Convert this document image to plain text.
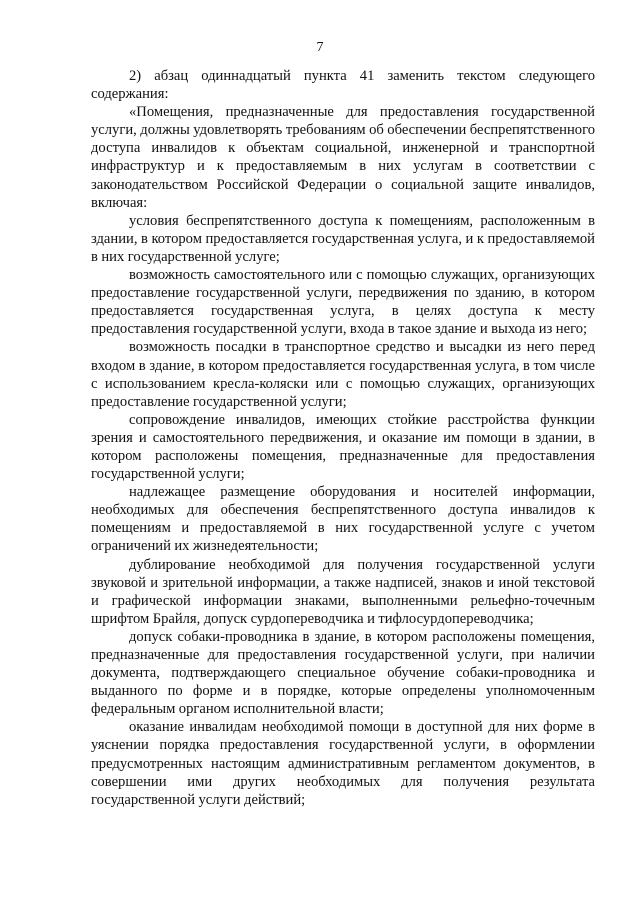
7

2) абзац одиннадцатый пункта 41 заменить текстом следующего содержания:

«Помещения, предназначенные для предоставления государственной услуги, должны удовлетворять требованиям об обеспечении беспрепятственного доступа инвалидов к объектам социальной, инженерной и транспортной инфраструктур и к предоставляемым в них услугам в соответствии с законодательством Российской Федерации о социальной защите инвалидов, включая:

условия беспрепятственного доступа к помещениям, расположенным в здании, в котором предоставляется государственная услуга, и к предоставляемой в них государственной услуге;

возможность самостоятельного или с помощью служащих, организующих предоставление государственной услуги, передвижения по зданию, в котором предоставляется государственная услуга, в целях доступа к месту предоставления государственной услуги, входа в такое здание и выхода из него;

возможность посадки в транспортное средство и высадки из него перед входом в здание, в котором предоставляется государственная услуга, в том числе с использованием кресла-коляски или с помощью служащих, организующих предоставление государственной услуги;

сопровождение инвалидов, имеющих стойкие расстройства функции зрения и самостоятельного передвижения, и оказание им помощи в здании, в котором расположены помещения, предназначенные для предоставления государственной услуги;

надлежащее размещение оборудования и носителей информации, необходимых для обеспечения беспрепятственного доступа инвалидов к помещениям и предоставляемой в них государственной услуге с учетом ограничений их жизнедеятельности;

дублирование необходимой для получения государственной услуги звуковой и зрительной информации, а также надписей, знаков и иной текстовой и графической информации знаками, выполненными рельефно-точечным шрифтом Брайля, допуск сурдопереводчика и тифлосурдопереводчика;

допуск собаки-проводника в здание, в котором расположены помещения, предназначенные для предоставления государственной услуги, при наличии документа, подтверждающего специальное обучение собаки-проводника и выданного по форме и в порядке, которые определены уполномоченным федеральным органом исполнительной власти;

оказание инвалидам необходимой помощи в доступной для них форме в уяснении порядка предоставления государственной услуги, в оформлении предусмотренных настоящим административным регламентом документов, в совершении ими других необходимых для получения результата государственной услуги действий;
